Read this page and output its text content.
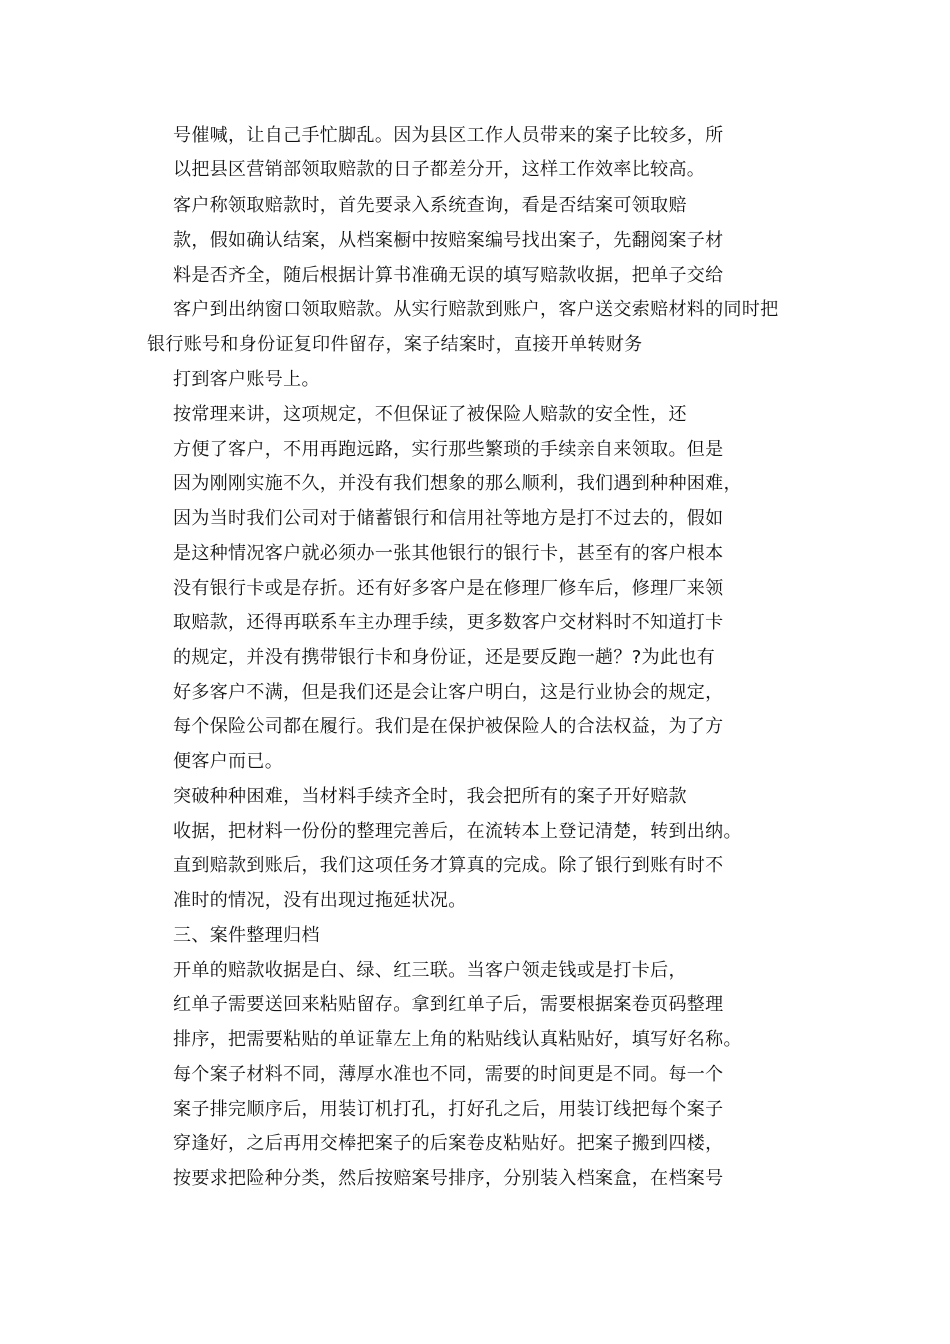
号催喊，让自己手忙脚乱。因为县区工作人员带来的案子比较多，所
以把县区营销部领取赔款的日子都差分开，这样工作效率比较高。
客户称领取赔款时，首先要录入系统查询，看是否结案可领取赔
款，假如确认结案，从档案橱中按赔案编号找出案子，先翻阅案子材
料是否齐全，随后根据计算书准确无误的填写赔款收据，把单子交给
客户到出纳窗口领取赔款。从实行赔款到账户，客户送交索赔材料的同时把
银行账号和身份证复印件留存，案子结案时，直接开单转财务
打到客户账号上。
按常理来讲，这项规定，不但保证了被保险人赔款的安全性，还
方便了客户，不用再跑远路，实行那些繁琐的手续亲自来领取。但是
因为刚刚实施不久，并没有我们想象的那么顺利，我们遇到种种困难，
因为当时我们公司对于储蓄银行和信用社等地方是打不过去的，假如
是这种情况客户就必须办一张其他银行的银行卡，甚至有的客户根本
没有银行卡或是存折。还有好多客户是在修理厂修车后，修理厂来领
取赔款，还得再联系车主办理手续，更多数客户交材料时不知道打卡
的规定，并没有携带银行卡和身份证，还是要反跑一趟？?为此也有
好多客户不满，但是我们还是会让客户明白，这是行业协会的规定，
每个保险公司都在履行。我们是在保护被保险人的合法权益，为了方
便客户而已。
突破种种困难，当材料手续齐全时，我会把所有的案子开好赔款
收据，把材料一份份的整理完善后，在流转本上登记清楚，转到出纳。
直到赔款到账后，我们这项任务才算真的完成。除了银行到账有时不
准时的情况，没有出现过拖延状况。
三、案件整理归档
开单的赔款收据是白、绿、红三联。当客户领走钱或是打卡后，
红单子需要送回来粘贴留存。拿到红单子后，需要根据案卷页码整理
排序，把需要粘贴的单证靠左上角的粘贴线认真粘贴好，填写好名称。
每个案子材料不同，薄厚水准也不同，需要的时间更是不同。每一个
案子排完顺序后，用装订机打孔，打好孔之后，用装订线把每个案子
穿逢好，之后再用交棒把案子的后案卷皮粘贴好。把案子搬到四楼，
按要求把险种分类，然后按赔案号排序，分别装入档案盒，在档案号
